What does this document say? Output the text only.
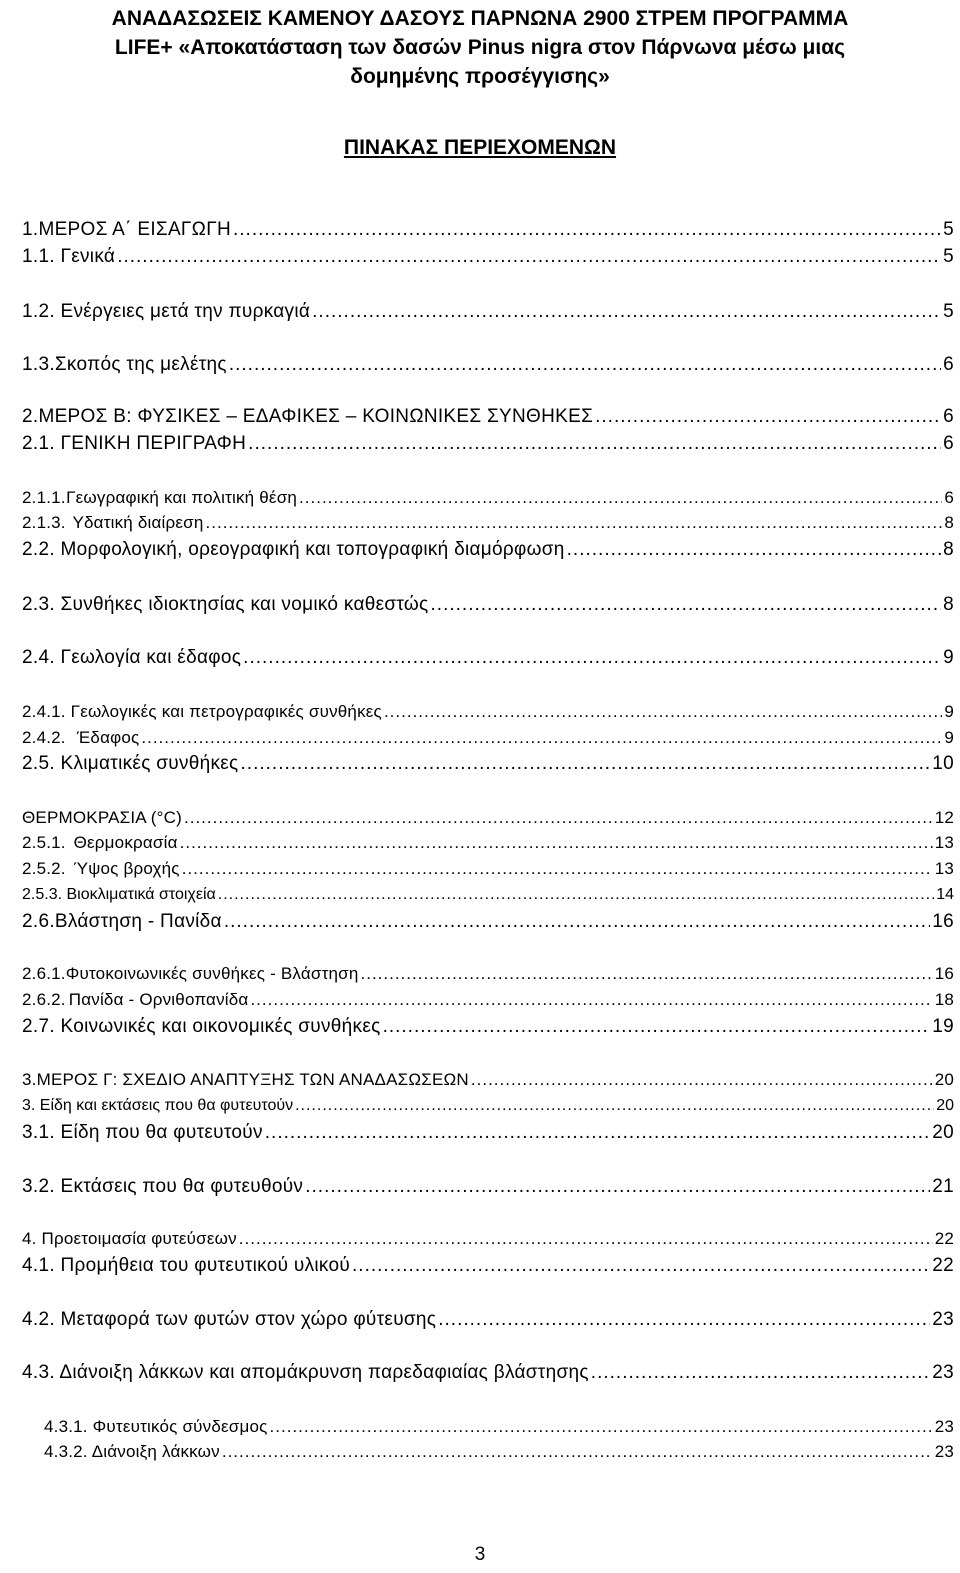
ΑΝΑΔΑΣΩΣΕΙΣ ΚΑΜΕΝΟΥ ΔΑΣΟΥΣ ΠΑΡΝΩΝΑ 2900 ΣΤΡΕΜ ΠΡΟΓΡΑΜΜΑ
LIFE+ «Αποκατάσταση των δασών Pinus nigra στον Πάρνωνα μέσω μιας
δομημένης προσέγγισης»
ΠΙΝΑΚΑΣ ΠΕΡΙΕΧΟΜΕΝΩΝ
1.ΜΕΡΟΣ Α΄ ΕΙΣΑΓΩΓΗ .....	5
1.1. Γενικά .....	5
1.2. Ενέργειες μετά την πυρκαγιά .....	5
1.3.Σκοπός της μελέτης .....	6
2.ΜΕΡΟΣ Β: ΦΥΣΙΚΕΣ – ΕΔΑΦΙΚΕΣ – ΚΟΙΝΩΝΙΚΕΣ ΣΥΝΘΗΚΕΣ .....	6
2.1. ΓΕΝΙΚΗ ΠΕΡΙΓΡΑΦΗ .....	6
2.1.1. Γεωγραφική και πολιτική θέση .....	6
2.1.3. Υδατική διαίρεση .....	8
2.2. Μορφολογική, ορεογραφική και τοπογραφική διαμόρφωση .....	8
2.3. Συνθήκες ιδιοκτησίας και νομικό καθεστώς .....	8
2.4. Γεωλογία και έδαφος .....	9
2.4.1. Γεωλογικές και πετρογραφικές συνθήκες .....	9
2.4.2. Έδαφος .....	9
2.5. Κλιματικές συνθήκες .....	10
ΘΕΡΜΟΚΡΑΣΙΑ (°C) .....	12
2.5.1. Θερμοκρασία .....	13
2.5.2. Ύψος βροχής .....	13
2.5.3. Βιοκλιματικά στοιχεία .....	14
2.6. Βλάστηση - Πανίδα .....	16
2.6.1. Φυτοκοινωνικές συνθήκες - Βλάστηση .....	16
2.6.2. Πανίδα - Ορνιθοπανίδα .....	18
2.7. Κοινωνικές και οικονομικές συνθήκες .....	19
3.ΜΕΡΟΣ Γ: ΣΧΕΔΙΟ ΑΝΑΠΤΥΞΗΣ ΤΩΝ ΑΝΑΔΑΣΩΣΕΩΝ .....	20
3. Είδη και εκτάσεις που θα φυτευτούν .....	20
3.1. Είδη που θα φυτευτούν .....	20
3.2. Εκτάσεις που θα φυτευθούν .....	21
4. Προετοιμασία φυτεύσεων .....	22
4.1. Προμήθεια του φυτευτικού υλικού .....	22
4.2. Μεταφορά των φυτών στον χώρο φύτευσης .....	23
4.3. Διάνοιξη λάκκων και απομάκρυνση παρεδαφιαίας βλάστησης .....	23
4.3.1. Φυτευτικός σύνδεσμος .....	23
4.3.2. Διάνοιξη λάκκων .....	23
3
